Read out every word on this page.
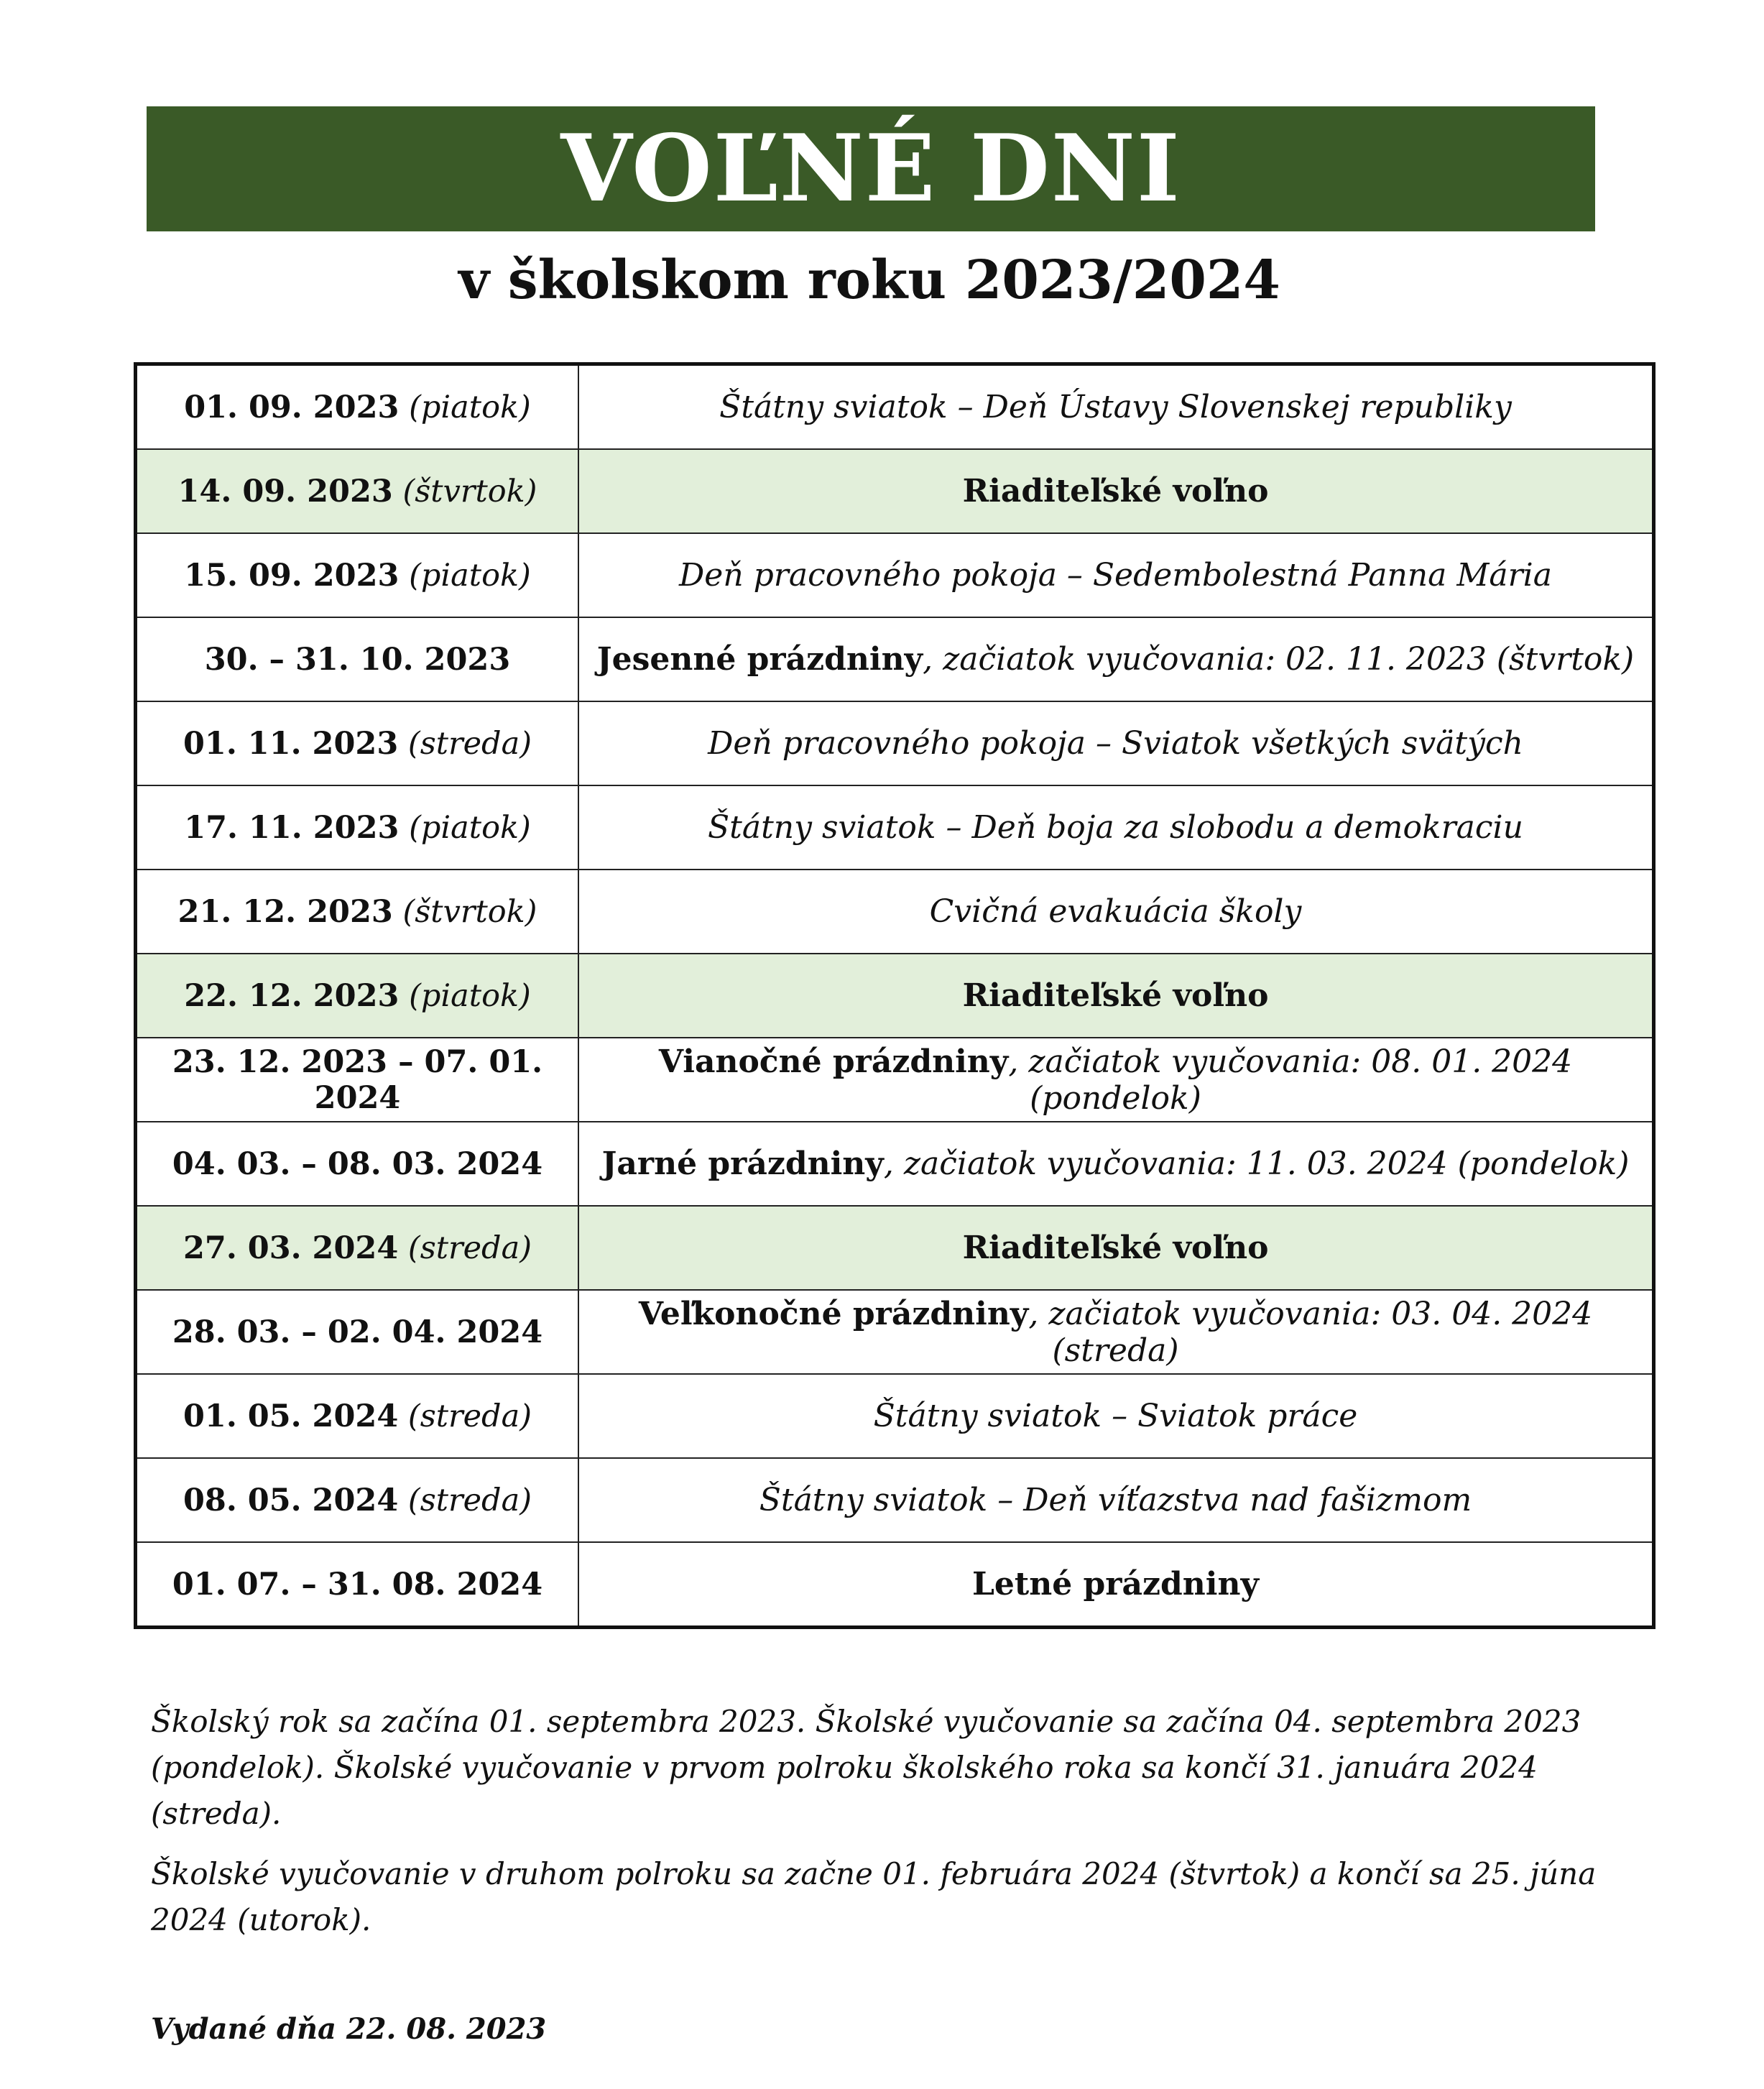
VOĽNÉ DNI
v školskom roku 2023/2024
01. 09. 2023 (piatok)	Štátny sviatok – Deň Ústavy Slovenskej republiky
14. 09. 2023 (štvrtok)	Riaditeľské voľno
15. 09. 2023 (piatok)	Deň pracovného pokoja – Sedembolestná Panna Mária
30. – 31. 10. 2023	Jesenné prázdniny, začiatok vyučovania: 02. 11. 2023 (štvrtok)
01. 11. 2023 (streda)	Deň pracovného pokoja – Sviatok všetkých svätých
17. 11. 2023 (piatok)	Štátny sviatok – Deň boja za slobodu a demokraciu
21. 12. 2023 (štvrtok)	Cvičná evakuácia školy
22. 12. 2023 (piatok)	Riaditeľské voľno
23. 12. 2023 – 07. 01. 2024	Vianočné prázdniny, začiatok vyučovania: 08. 01. 2024 (pondelok)
04. 03. – 08. 03. 2024	Jarné prázdniny, začiatok vyučovania: 11. 03. 2024 (pondelok)
27. 03. 2024 (streda)	Riaditeľské voľno
28. 03. – 02. 04. 2024	Veľkonočné prázdniny, začiatok vyučovania: 03. 04. 2024 (streda)
01. 05. 2024 (streda)	Štátny sviatok – Sviatok práce
08. 05. 2024 (streda)	Štátny sviatok – Deň víťazstva nad fašizmom
01. 07. – 31. 08. 2024	Letné prázdniny

Školský rok sa začína 01. septembra 2023. Školské vyučovanie sa začína 04. septembra 2023 (pondelok). Školské vyučovanie v prvom polroku školského roka sa končí 31. januára 2024 (streda).

Školské vyučovanie v druhom polroku sa začne 01. februára 2024 (štvrtok) a končí sa 25. júna 2024 (utorok).

Vydané dňa 22. 08. 2023
